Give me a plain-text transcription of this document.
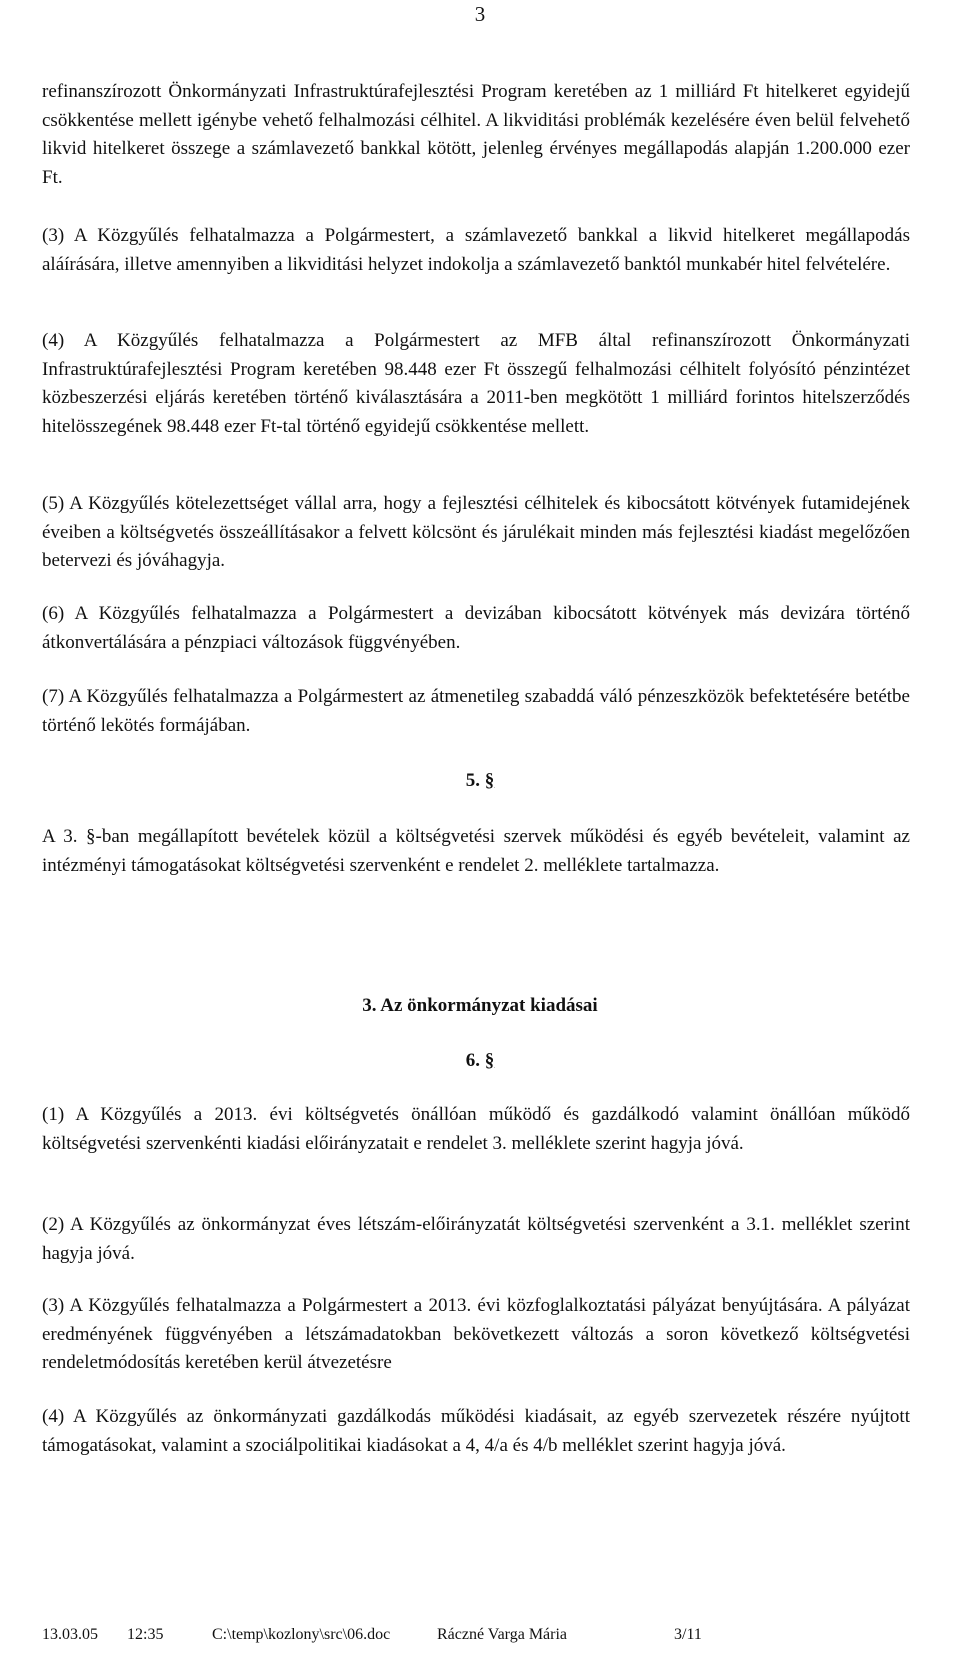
3

refinanszírozott Önkormányzati Infrastruktúrafejlesztési Program keretében az 1 milliárd Ft hitelkeret egyidejű csökkentése mellett igénybe vehető felhalmozási célhitel. A likviditási problémák kezelésére éven belül felvehető likvid hitelkeret összege a számlavezető bankkal kötött, jelenleg érvényes megállapodás alapján 1.200.000 ezer Ft.

(3) A Közgyűlés felhatalmazza a Polgármestert, a számlavezető bankkal a likvid hitelkeret megállapodás aláírására, illetve amennyiben a likviditási helyzet indokolja a számlavezető banktól munkabér hitel felvételére.

(4) A Közgyűlés felhatalmazza a Polgármestert az MFB által refinanszírozott Önkormányzati Infrastruktúrafejlesztési Program keretében 98.448 ezer Ft összegű felhalmozási célhitelt folyósító pénzintézet közbeszerzési eljárás keretében történő kiválasztására a 2011-ben megkötött 1 milliárd forintos hitelszerződés hitelösszegének 98.448 ezer Ft-tal történő egyidejű csökkentése mellett.

(5) A Közgyűlés kötelezettséget vállal arra, hogy a fejlesztési célhitelek és kibocsátott kötvények futamidejének éveiben a költségvetés összeállításakor a felvett kölcsönt és járulékait minden más fejlesztési kiadást megelőzően betervezi és jóváhagyja.

(6) A Közgyűlés felhatalmazza a Polgármestert a devizában kibocsátott kötvények más devizára történő átkonvertálására a pénzpiaci változások függvényében.

(7) A Közgyűlés felhatalmazza a Polgármestert az átmenetileg szabaddá váló pénzeszközök befektetésére betétbe történő lekötés formájában.

5. §

A 3. §-ban megállapított bevételek közül a költségvetési szervek működési és egyéb bevételeit, valamint az intézményi támogatásokat költségvetési szervenként e rendelet 2. melléklete tartalmazza.

3. Az önkormányzat kiadásai
6. §

(1) A Közgyűlés a 2013. évi költségvetés önállóan működő és gazdálkodó valamint önállóan működő költségvetési szervenkénti kiadási előirányzatait e rendelet 3. melléklete szerint hagyja jóvá.

(2) A Közgyűlés az önkormányzat éves létszám-előirányzatát költségvetési szervenként a 3.1. melléklet szerint hagyja jóvá.

(3) A Közgyűlés felhatalmazza a Polgármestert a 2013. évi közfoglalkoztatási pályázat benyújtására. A pályázat eredményének függvényében a létszámadatokban bekövetkezett változás a soron következő költségvetési rendeletmódosítás keretében kerül átvezetésre

(4) A Közgyűlés az önkormányzati gazdálkodás működési kiadásait, az egyéb szervezetek részére nyújtott támogatásokat, valamint a szociálpolitikai kiadásokat a 4, 4/a és 4/b melléklet szerint hagyja jóvá.

13.03.05 12:35	C:\temp\kozlony\src\06.doc	Ráczné Varga Mária	3/11
